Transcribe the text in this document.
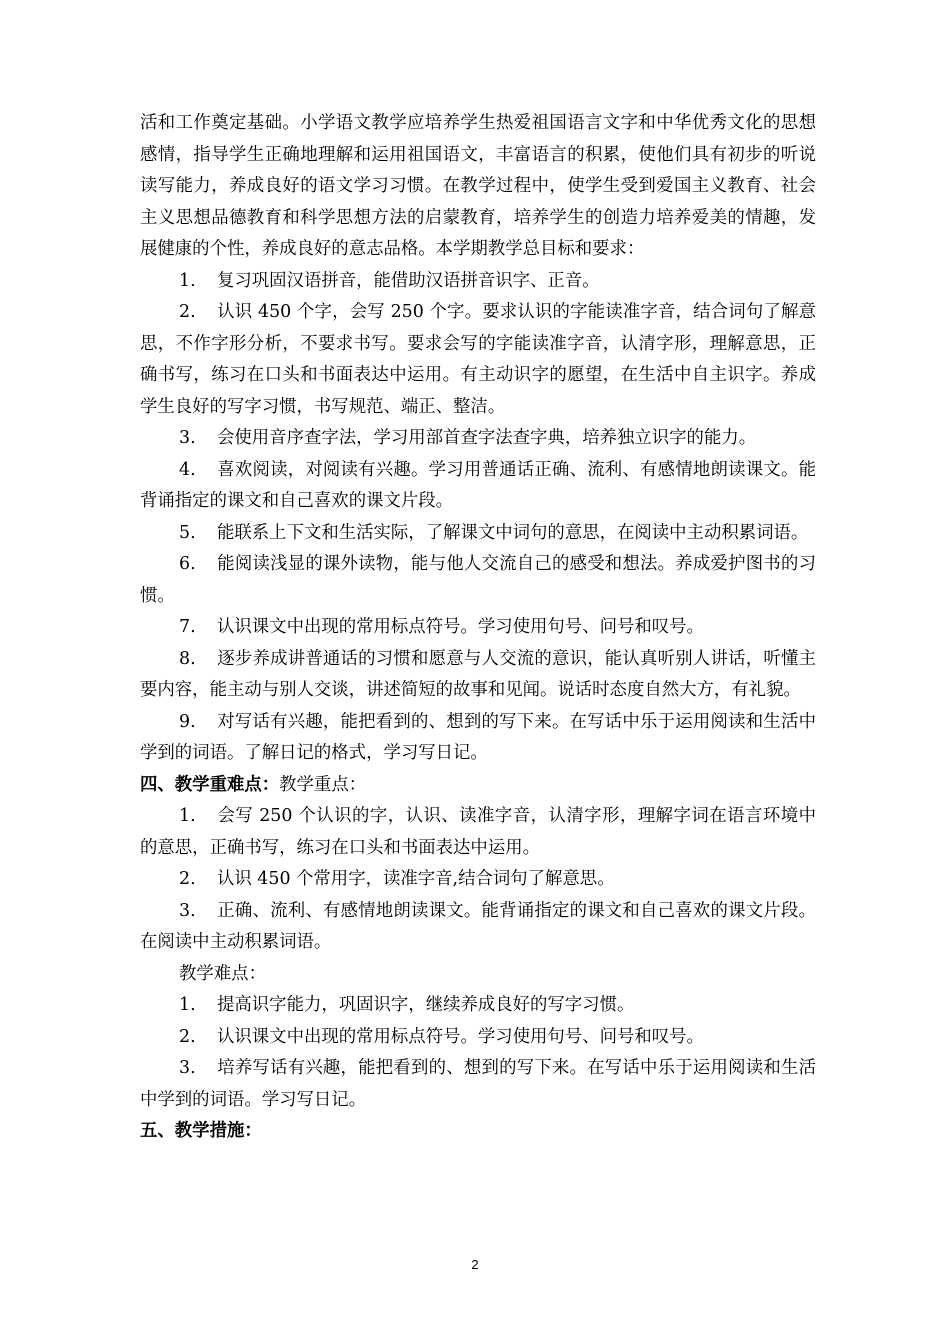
活和工作奠定基础。小学语文教学应培养学生热爱祖国语言文字和中华优秀文化的思想感情，指导学生正确地理解和运用祖国语文，丰富语言的积累，使他们具有初步的听说读写能力，养成良好的语文学习习惯。在教学过程中，使学生受到爱国主义教育、社会主义思想品德教育和科学思想方法的启蒙教育，培养学生的创造力培养爱美的情趣，发展健康的个性，养成良好的意志品格。本学期教学总目标和要求：

1. 复习巩固汉语拼音，能借助汉语拼音识字、正音。

2. 认识 450 个字，会写 250 个字。要求认识的字能读准字音，结合词句了解意思，不作字形分析，不要求书写。要求会写的字能读准字音，认清字形，理解意思，正确书写，练习在口头和书面表达中运用。有主动识字的愿望，在生活中自主识字。养成学生良好的写字习惯，书写规范、端正、整洁。

3. 会使用音序查字法，学习用部首查字法查字典，培养独立识字的能力。

4. 喜欢阅读，对阅读有兴趣。学习用普通话正确、流利、有感情地朗读课文。能背诵指定的课文和自己喜欢的课文片段。

5. 能联系上下文和生活实际，了解课文中词句的意思，在阅读中主动积累词语。

6. 能阅读浅显的课外读物，能与他人交流自己的感受和想法。养成爱护图书的习惯。

7. 认识课文中出现的常用标点符号。学习使用句号、问号和叹号。

8. 逐步养成讲普通话的习惯和愿意与人交流的意识，能认真听别人讲话，听懂主要内容，能主动与别人交谈，讲述简短的故事和见闻。说话时态度自然大方，有礼貌。

9. 对写话有兴趣，能把看到的、想到的写下来。在写话中乐于运用阅读和生活中学到的词语。了解日记的格式，学习写日记。

四、教学重难点：教学重点：

1. 会写 250 个认识的字，认识、读准字音，认清字形，理解字词在语言环境中的意思，正确书写，练习在口头和书面表达中运用。

2. 认识 450 个常用字，读准字音,结合词句了解意思。

3. 正确、流利、有感情地朗读课文。能背诵指定的课文和自己喜欢的课文片段。在阅读中主动积累词语。

教学难点：

1. 提高识字能力，巩固识字，继续养成良好的写字习惯。

2. 认识课文中出现的常用标点符号。学习使用句号、问号和叹号。

3. 培养写话有兴趣，能把看到的、想到的写下来。在写话中乐于运用阅读和生活中学到的词语。学习写日记。

五、教学措施：

2
